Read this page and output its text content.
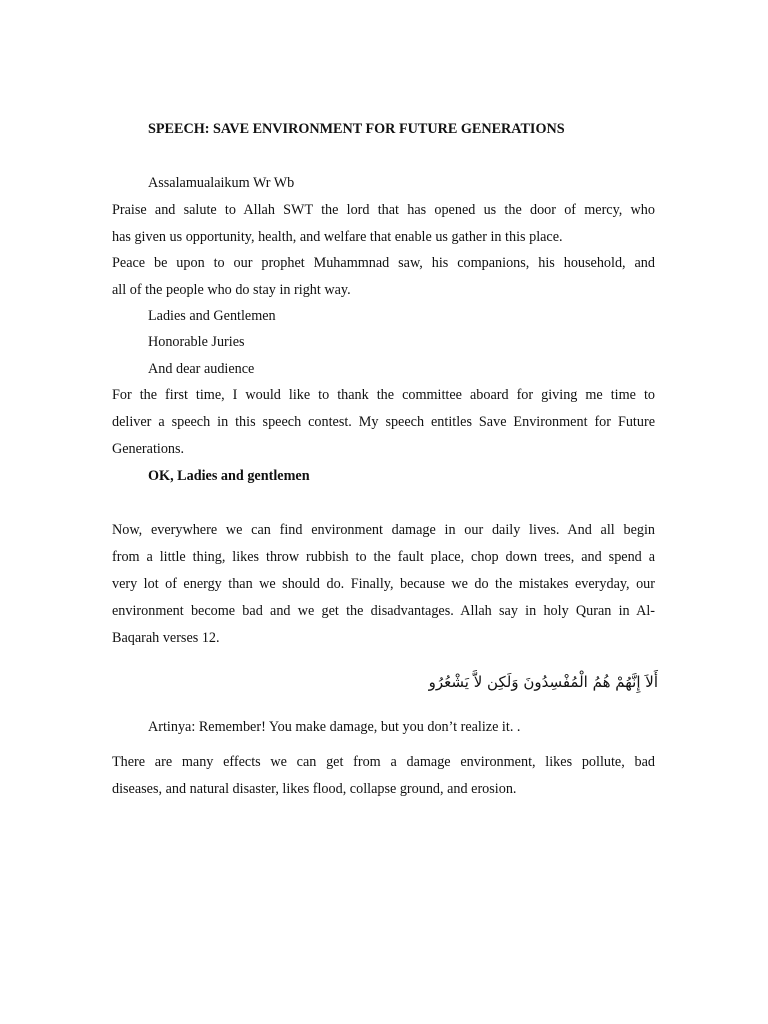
SPEECH: SAVE ENVIRONMENT FOR FUTURE GENERATIONS
Assalamualaikum Wr Wb
Praise and salute to Allah SWT the lord that has opened us the door of mercy, who
has given us opportunity, health, and welfare that enable us gather in this place.
Peace be upon to our prophet Muhammnad saw, his companions, his household, and
all of the people who do stay in right way.
Ladies and Gentlemen
Honorable Juries
And dear audience
For the first time, I would like to thank the committee aboard for giving me time to
deliver a speech in this speech contest. My speech entitles Save Environment for Future
Generations.
OK, Ladies and gentlemen
Now, everywhere we can find environment damage in our daily lives. And all begin
from a little thing, likes throw rubbish to the fault place, chop down trees, and spend a
very lot of energy than we should do. Finally, because we do the mistakes everyday, our
environment become bad and we get the disadvantages. Allah say in holy Quran in Al-
Baqarah verses 12.
أَلاَ إِنَّهُمْ هُمُ الْمُفْسِدُونَ وَلَكِن لاَّ يَشْعُرُو
Artinya: Remember! You make damage, but you don’t realize it. .
There are many effects we can get from a damage environment, likes pollute, bad
diseases, and natural disaster, likes flood, collapse ground, and erosion.
